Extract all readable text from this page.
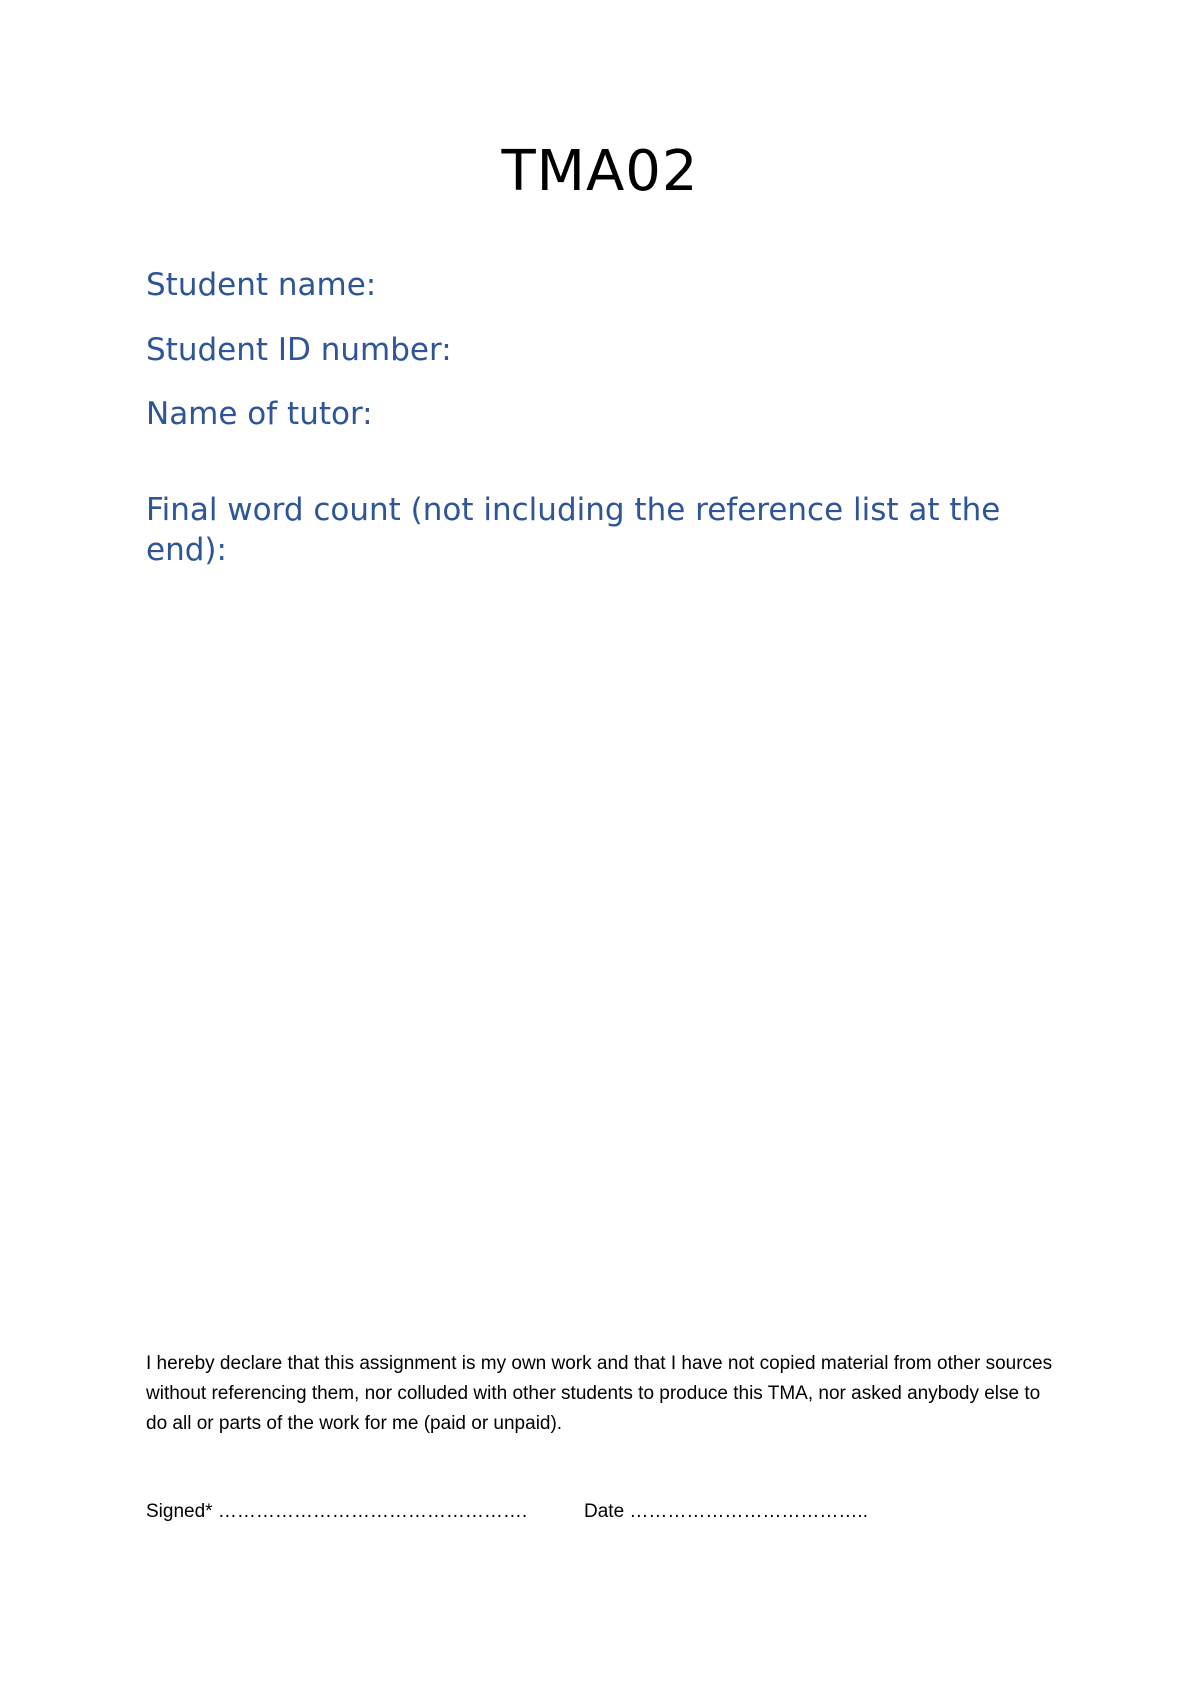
TMA02
Student name:
Student ID number:
Name of tutor:
Final word count (not including the reference list at the end):
I hereby declare that this assignment is my own work and that I have not copied material from other sources without referencing them, nor colluded with other students to produce this TMA, nor asked anybody else to do all or parts of the work for me (paid or unpaid).
Signed* ………………………………………….	Date ………………………………..
